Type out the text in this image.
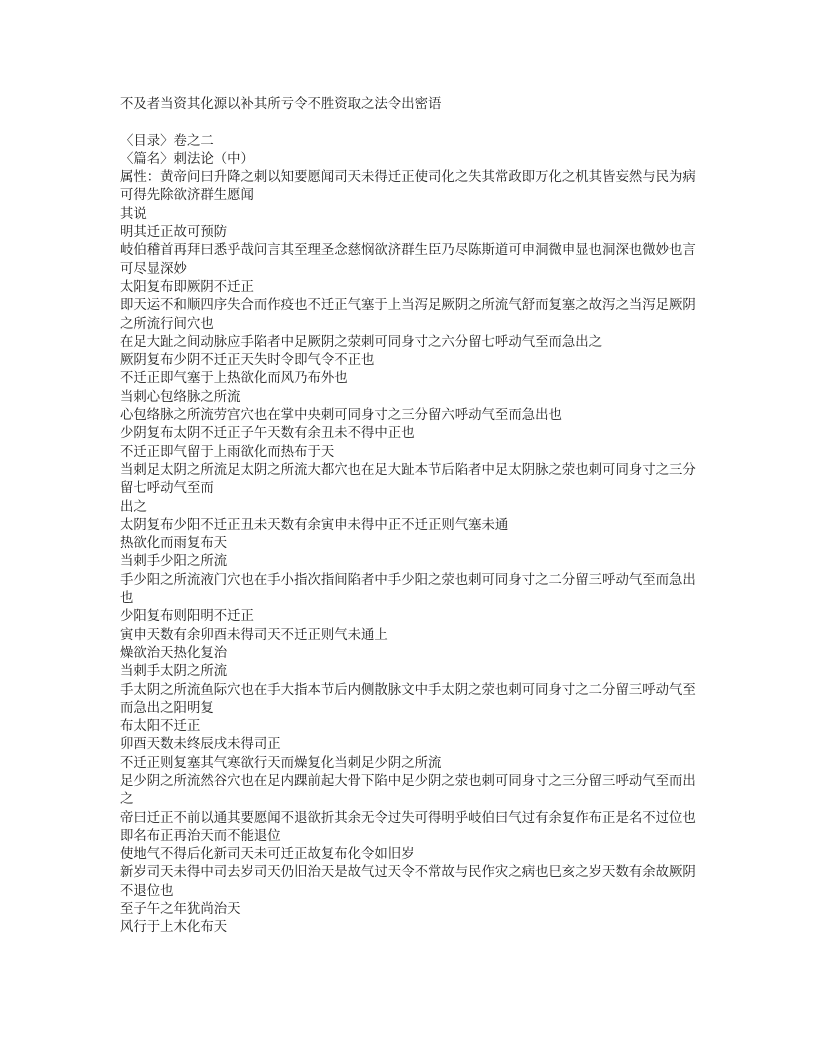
不及者当资其化源以补其所亏令不胜资取之法令出密语

〈目录〉卷之二

〈篇名〉刺法论（中）

属性：黄帝问曰升降之刺以知要愿闻司天未得迁正使司化之失其常政即万化之机其皆妄然与民为病可得先除欲济群生愿闻

其说

明其迁正故可预防

岐伯稽首再拜曰悉乎哉问言其至理圣念慈悯欲济群生臣乃尽陈斯道可申洞微申显也洞深也微妙也言可尽显深妙

太阳复布即厥阴不迁正

即天运不和顺四序失合而作疫也不迁正气塞于上当泻足厥阴之所流气舒而复塞之故泻之当泻足厥阴之所流行间穴也

在足大趾之间动脉应手陷者中足厥阴之荥刺可同身寸之六分留七呼动气至而急出之

厥阴复布少阴不迁正天失时令即气令不正也

不迁正即气塞于上热欲化而风乃布外也

当刺心包络脉之所流

心包络脉之所流劳宫穴也在掌中央刺可同身寸之三分留六呼动气至而急出也

少阴复布太阴不迁正子午天数有余丑未不得中正也

不迁正即气留于上雨欲化而热布于天

当刺足太阴之所流足太阴之所流大都穴也在足大趾本节后陷者中足太阴脉之荥也刺可同身寸之三分留七呼动气至而

出之

太阴复布少阳不迁正丑未天数有余寅申未得中正不迁正则气塞未通

热欲化而雨复布天

当刺手少阳之所流

手少阳之所流液门穴也在手小指次指间陷者中手少阳之荥也刺可同身寸之二分留三呼动气至而急出也

少阳复布则阳明不迁正

寅申天数有余卯酉未得司天不迁正则气未通上

燥欲治天热化复治

当刺手太阴之所流

手太阴之所流鱼际穴也在手大指本节后内侧散脉文中手太阴之荥也刺可同身寸之二分留三呼动气至而急出之阳明复

布太阳不迁正

卯酉天数未终辰戌未得司正

不迁正则复塞其气寒欲行天而燥复化当刺足少阴之所流

足少阴之所流然谷穴也在足内踝前起大骨下陷中足少阴之荥也刺可同身寸之三分留三呼动气至而出之

帝曰迁正不前以通其要愿闻不退欲折其余无令过失可得明乎岐伯曰气过有余复作布正是名不过位也

即名布正再治天而不能退位

使地气不得后化新司天未可迁正故复布化令如旧岁

新岁司天未得中司去岁司天仍旧治天是故气过天令不常故与民作灾之病也巳亥之岁天数有余故厥阴不退位也

至子午之年犹尚治天

风行于上木化布天
